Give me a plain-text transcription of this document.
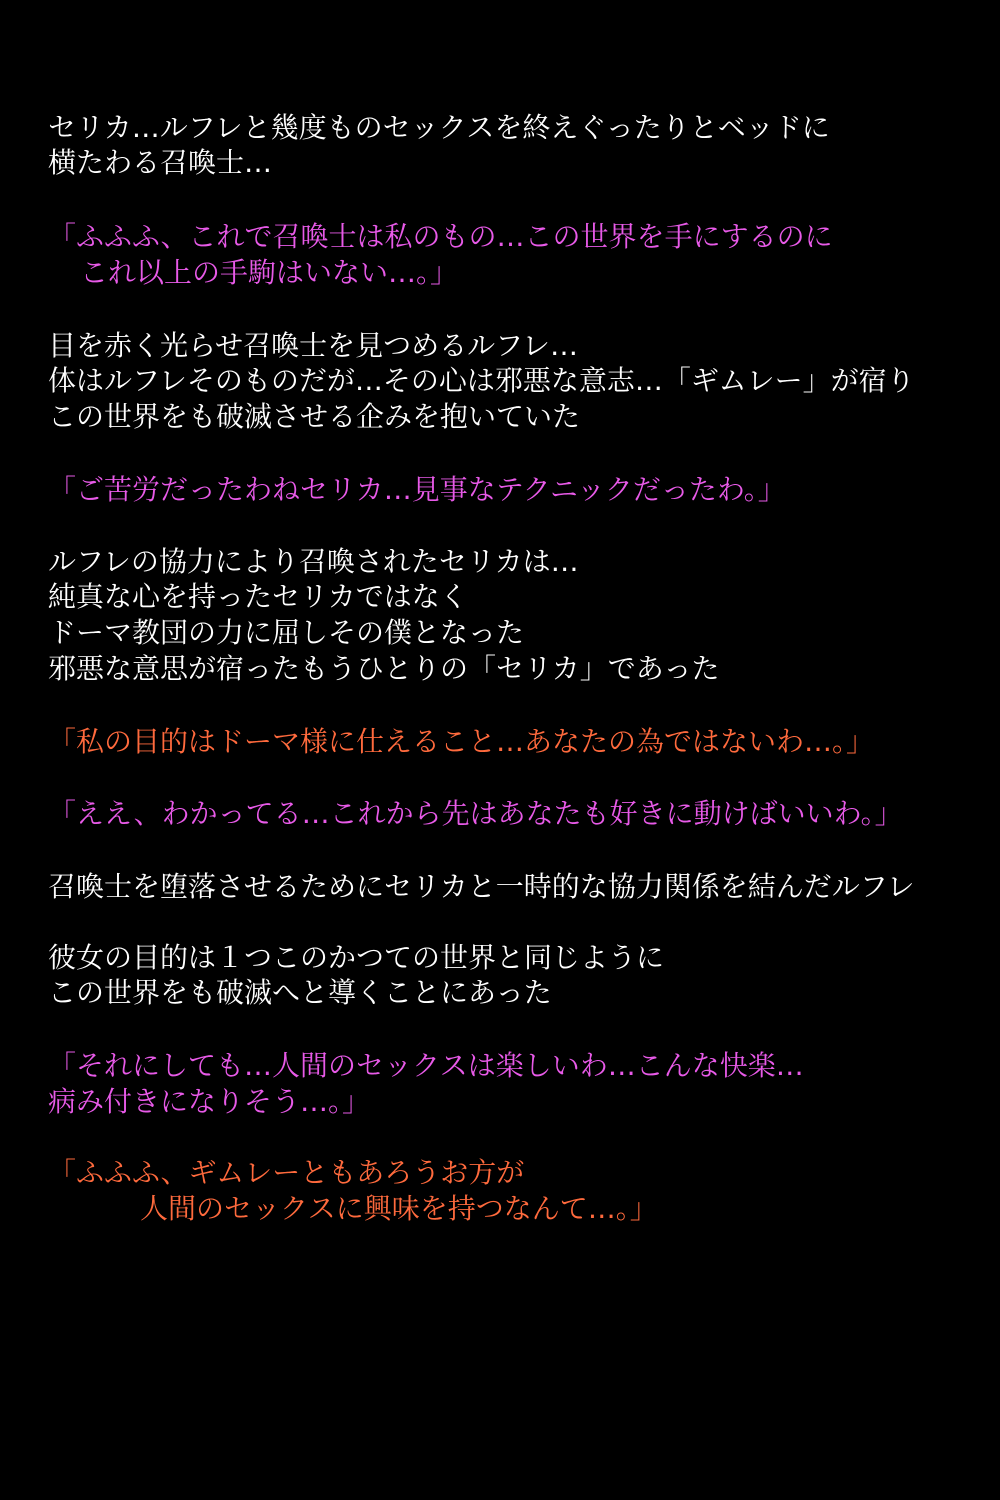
セリカ…ルフレと幾度ものセックスを終えぐったりとベッドに
横たわる召喚士…
「ふふふ、これで召喚士は私のもの…この世界を手にするのに
これ以上の手駒はいない…。」
目を赤く光らせ召喚士を見つめるルフレ…
体はルフレそのものだが…その心は邪悪な意志…「ギムレー」が宿り
この世界をも破滅させる企みを抱いていた
「ご苦労だったわねセリカ…見事なテクニックだったわ。」
ルフレの協力により召喚されたセリカは…
純真な心を持ったセリカではなく
ドーマ教団の力に屈しその僕となった
邪悪な意思が宿ったもうひとりの「セリカ」であった
「私の目的はドーマ様に仕えること…あなたの為ではないわ…。」
「ええ、わかってる…これから先はあなたも好きに動けばいいわ。」
召喚士を堕落させるためにセリカと一時的な協力関係を結んだルフレ
彼女の目的は１つこのかつての世界と同じように
この世界をも破滅へと導くことにあった
「それにしても…人間のセックスは楽しいわ…こんな快楽…
病み付きになりそう…。」
「ふふふ、ギムレーともあろうお方が
人間のセックスに興味を持つなんて…。」
